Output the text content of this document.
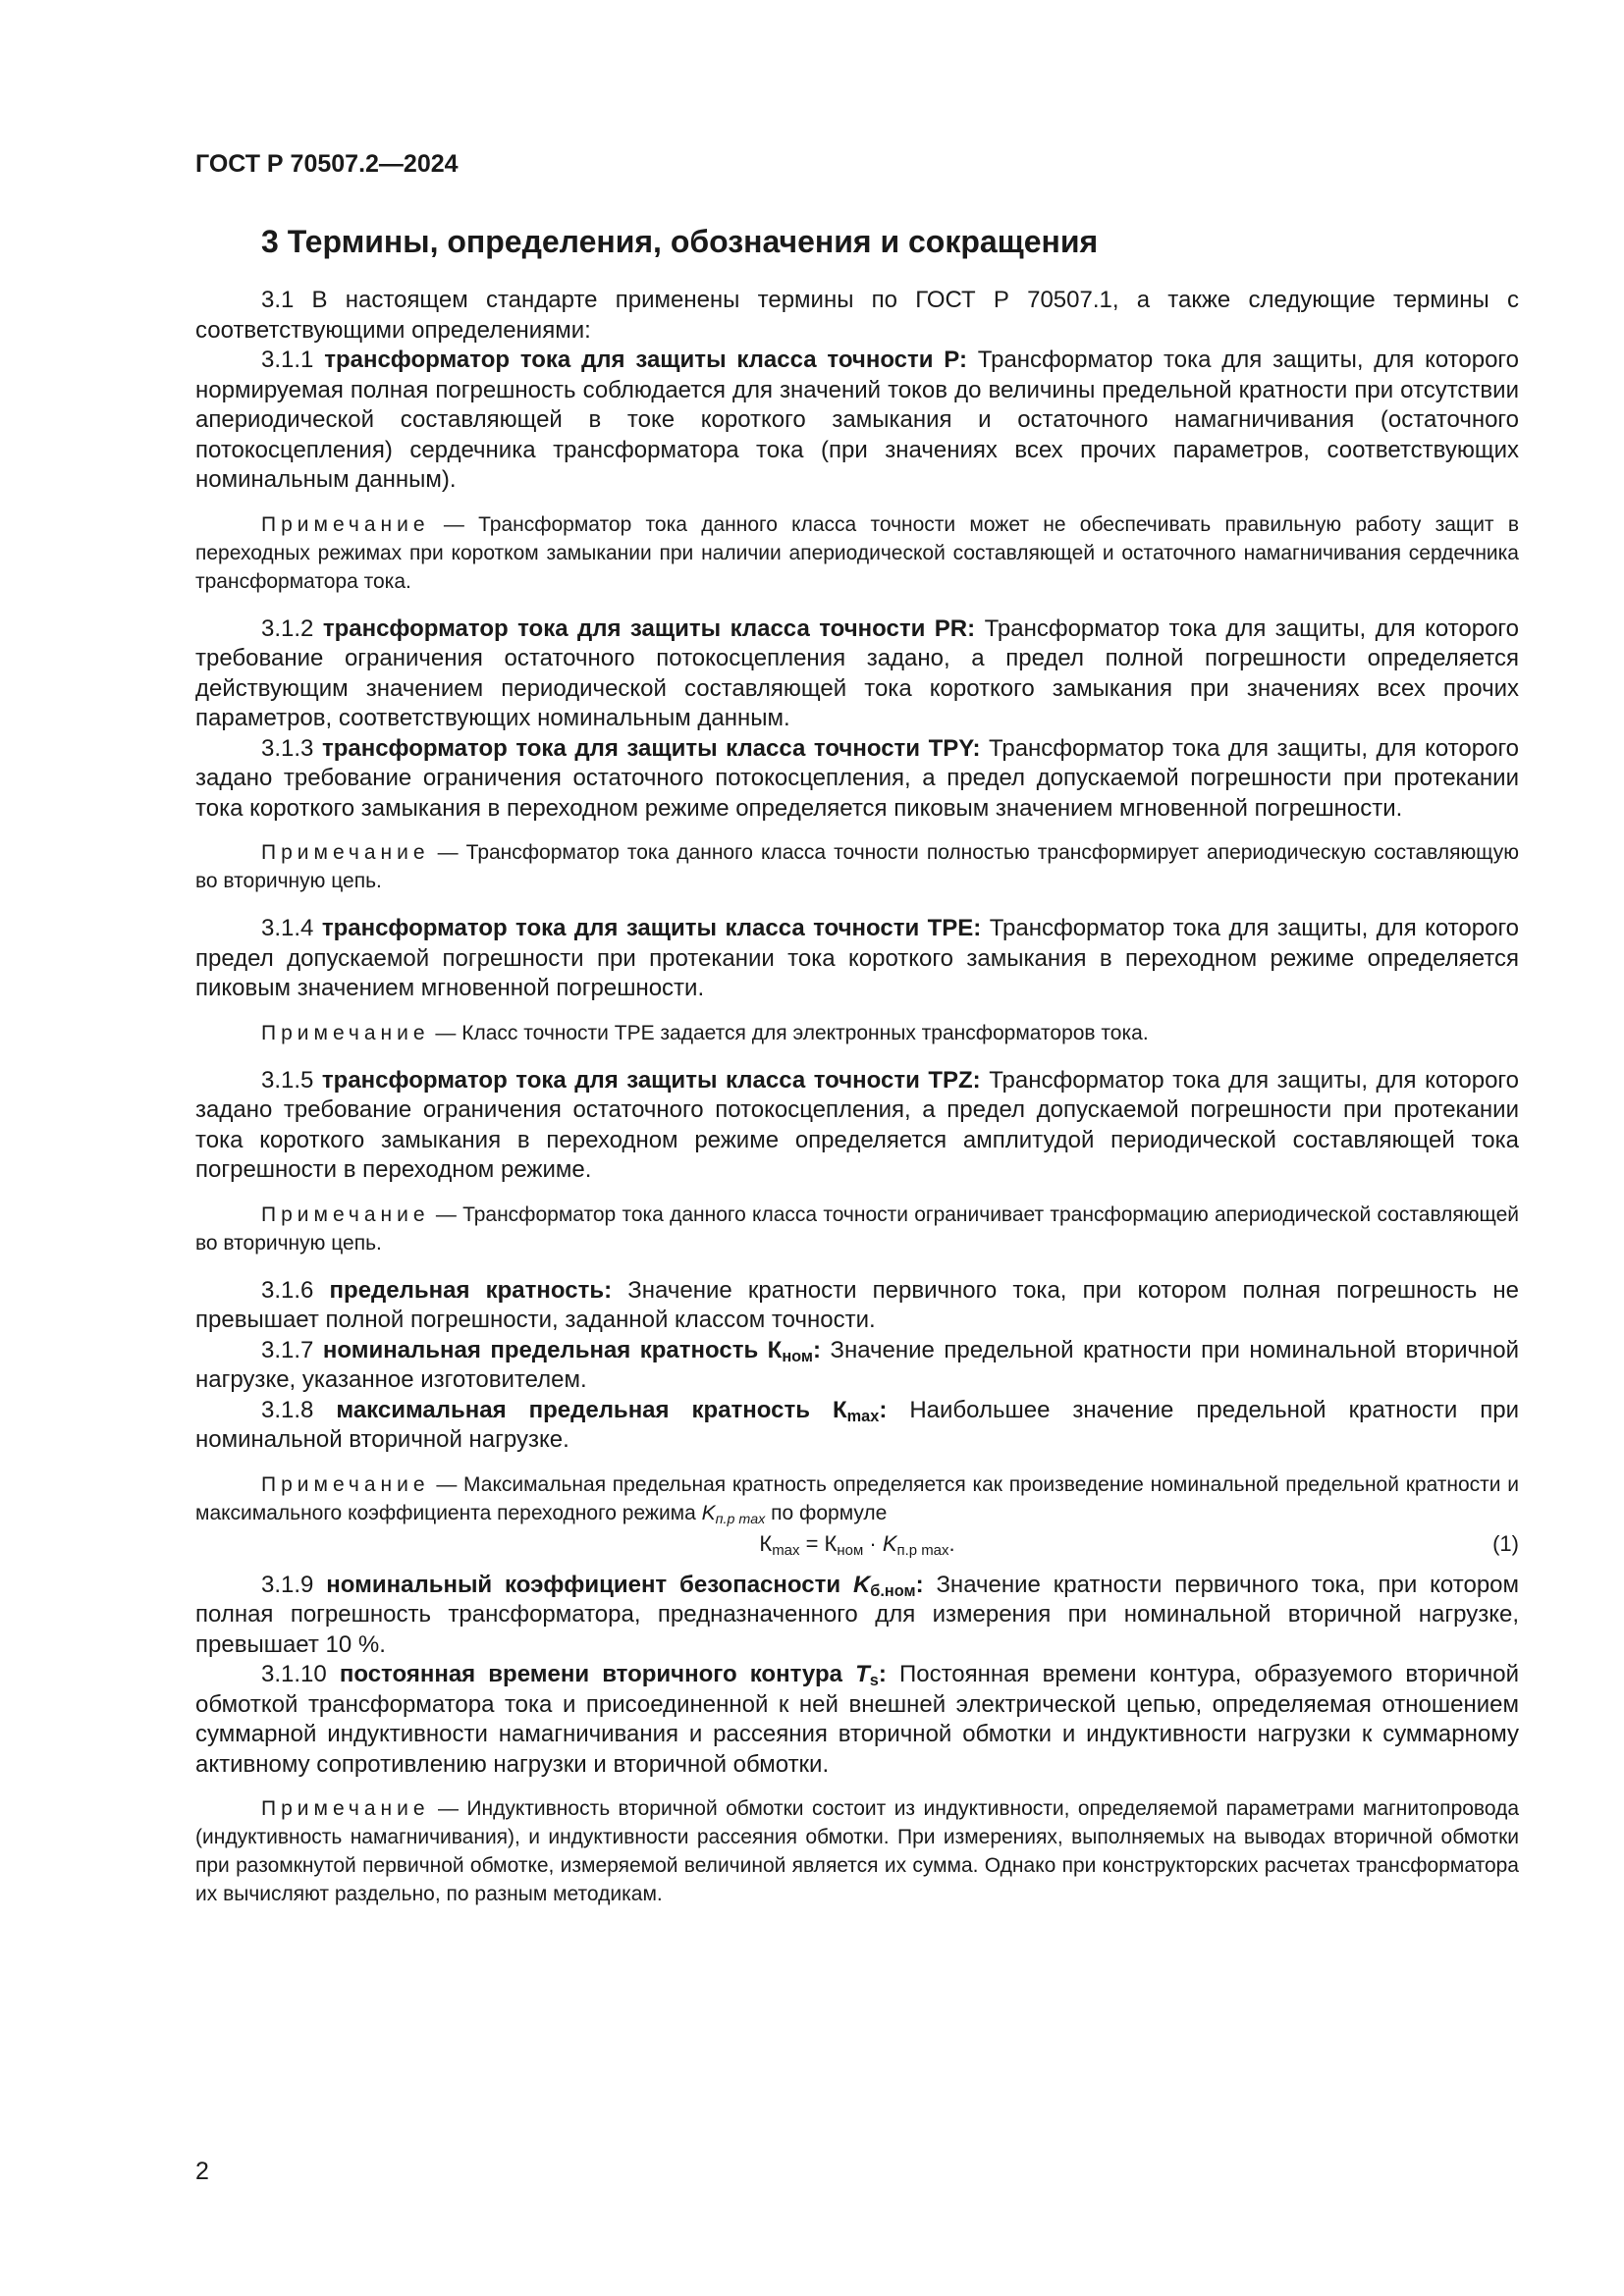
ГОСТ Р 70507.2—2024
3 Термины, определения, обозначения и сокращения

3.1 В настоящем стандарте применены термины по ГОСТ Р 70507.1, а также следующие термины с соответствующими определениями:

3.1.1 трансформатор тока для защиты класса точности Р: Трансформатор тока для защиты, для которого нормируемая полная погрешность соблюдается для значений токов до величины предельной кратности при отсутствии апериодической составляющей в токе короткого замыкания и остаточного намагничивания (остаточного потокосцепления) сердечника трансформатора тока (при значениях всех прочих параметров, соответствующих номинальным данным).

Примечание — Трансформатор тока данного класса точности может не обеспечивать правильную работу защит в переходных режимах при коротком замыкании при наличии апериодической составляющей и остаточного намагничивания сердечника трансформатора тока.

3.1.2 трансформатор тока для защиты класса точности PR: Трансформатор тока для защиты, для которого требование ограничения остаточного потокосцепления задано, а предел полной погрешности определяется действующим значением периодической составляющей тока короткого замыкания при значениях всех прочих параметров, соответствующих номинальным данным.

3.1.3 трансформатор тока для защиты класса точности TPY: Трансформатор тока для защиты, для которого задано требование ограничения остаточного потокосцепления, а предел допускаемой погрешности при протекании тока короткого замыкания в переходном режиме определяется пиковым значением мгновенной погрешности.

Примечание — Трансформатор тока данного класса точности полностью трансформирует апериодическую составляющую во вторичную цепь.

3.1.4 трансформатор тока для защиты класса точности TPE: Трансформатор тока для защиты, для которого предел допускаемой погрешности при протекании тока короткого замыкания в переходном режиме определяется пиковым значением мгновенной погрешности.

Примечание — Класс точности TPE задается для электронных трансформаторов тока.

3.1.5 трансформатор тока для защиты класса точности TPZ: Трансформатор тока для защиты, для которого задано требование ограничения остаточного потокосцепления, а предел допускаемой погрешности при протекании тока короткого замыкания в переходном режиме определяется амплитудой периодической составляющей тока погрешности в переходном режиме.

Примечание — Трансформатор тока данного класса точности ограничивает трансформацию апериодической составляющей во вторичную цепь.

3.1.6 предельная кратность: Значение кратности первичного тока, при котором полная погрешность не превышает полной погрешности, заданной классом точности.

3.1.7 номинальная предельная кратность $К_{ном}$: Значение предельной кратности при номинальной вторичной нагрузке, указанное изготовителем.

3.1.8 максимальная предельная кратность $К_{max}$: Наибольшее значение предельной кратности при номинальной вторичной нагрузке.

Примечание — Максимальная предельная кратность определяется как произведение номинальной предельной кратности и максимального коэффициента переходного режима $K_{п.р max}$ по формуле

$К_{max} = К_{ном} \cdot K_{п.р max}$.	(1)

3.1.9 номинальный коэффициент безопасности $K_{б.ном}$: Значение кратности первичного тока, при котором полная погрешность трансформатора, предназначенного для измерения при номинальной вторичной нагрузке, превышает 10 %.

3.1.10 постоянная времени вторичного контура $T_s$: Постоянная времени контура, образуемого вторичной обмоткой трансформатора тока и присоединенной к ней внешней электрической цепью, определяемая отношением суммарной индуктивности намагничивания и рассеяния вторичной обмотки и индуктивности нагрузки к суммарному активному сопротивлению нагрузки и вторичной обмотки.

Примечание — Индуктивность вторичной обмотки состоит из индуктивности, определяемой параметрами магнитопровода (индуктивность намагничивания), и индуктивности рассеяния обмотки. При измерениях, выполняемых на выводах вторичной обмотки при разомкнутой первичной обмотке, измеряемой величиной является их сумма. Однако при конструкторских расчетах трансформатора их вычисляют раздельно, по разным методикам.

2
